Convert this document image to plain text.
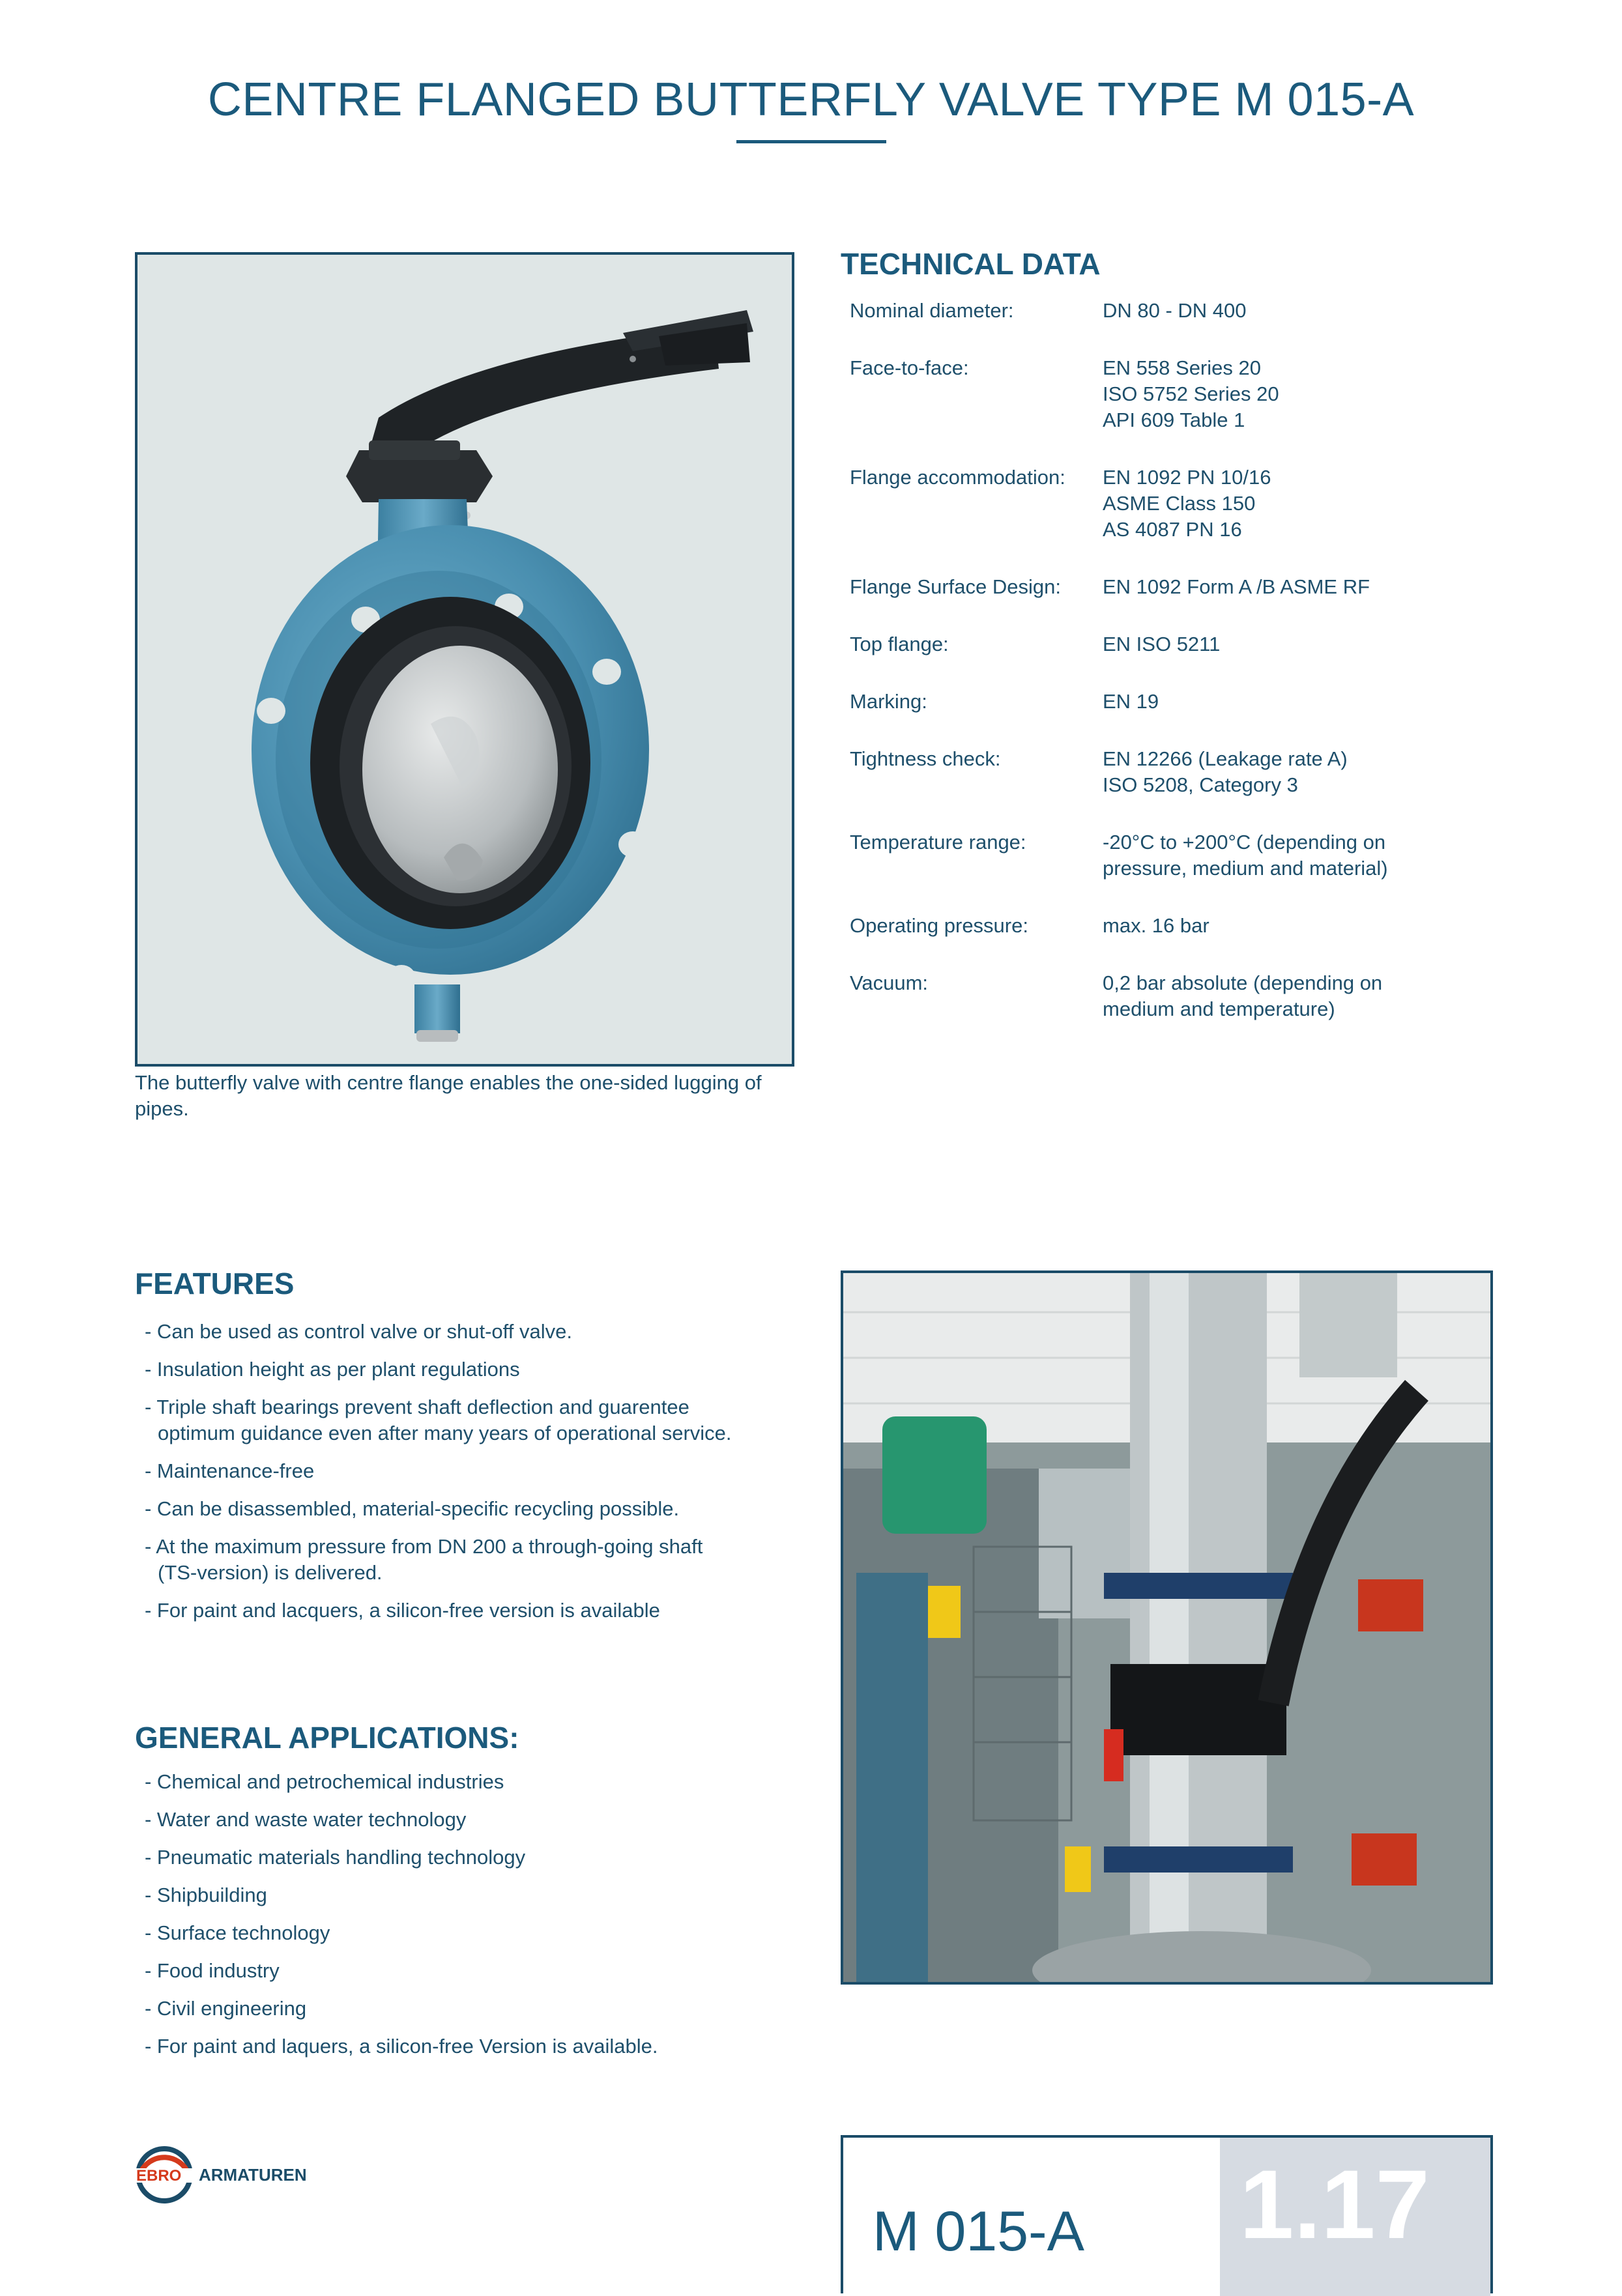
CENTRE FLANGED BUTTERFLY VALVE TYPE M 015-A
The butterfly valve with centre flange enables the one-sided lugging of pipes.
TECHNICAL DATA
Nominal diameter:	DN 80 - DN 400
Face-to-face:	EN 558 Series 20
ISO 5752 Series 20
API 609 Table 1
Flange accommodation:	EN 1092 PN 10/16
ASME Class 150
AS 4087 PN 16
Flange Surface Design:	EN 1092 Form A /B ASME RF
Top flange:	EN ISO 5211
Marking:	EN 19
Tightness check:	EN 12266 (Leakage rate A)
ISO 5208, Category 3
Temperature range:	-20°C to +200°C (depending on
pressure, medium and material)
Operating pressure:	max. 16 bar
Vacuum:	0,2 bar absolute (depending on
medium and temperature)
FEATURES
- Can be used as control valve or shut-off valve.
- Insulation height as per plant regulations
- Triple shaft bearings prevent shaft deflection and guarentee
optimum guidance even after many years of operational service.
- Maintenance-free
- Can be disassembled, material-specific recycling possible.
- At the maximum pressure from DN 200 a through-going shaft
(TS-version) is delivered.
- For paint and lacquers, a silicon-free version is available
GENERAL APPLICATIONS:
- Chemical and petrochemical industries
- Water and waste water technology
- Pneumatic materials handling technology
- Shipbuilding
- Surface technology
- Food industry
- Civil engineering
- For paint and laquers, a silicon-free Version is available.
EBRO ARMATUREN
M 015-A 1.17
